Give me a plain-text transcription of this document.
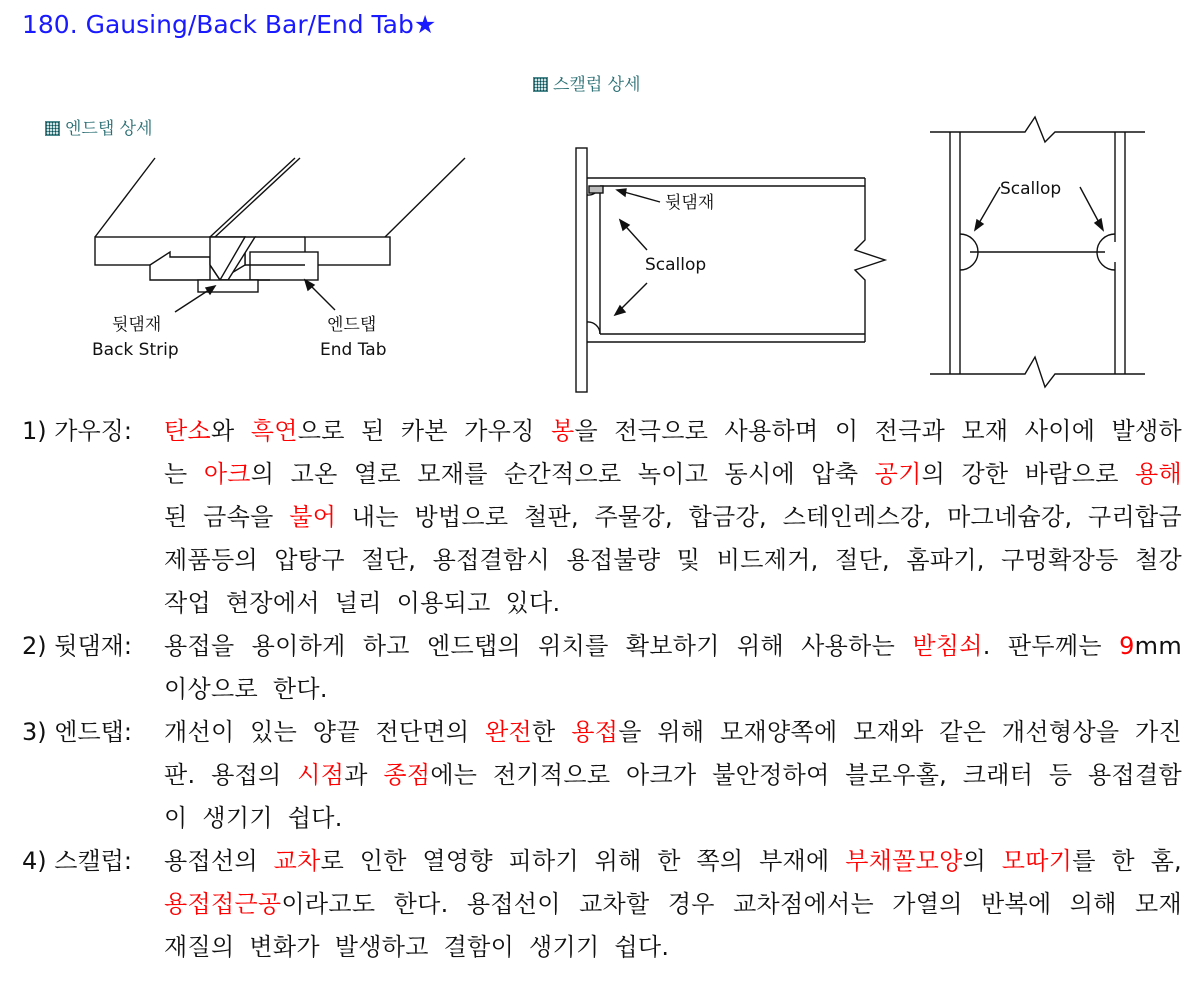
180. Gausing/Back Bar/End Tab★
엔드탭 상세
뒷댐재
Back Strip
엔드탭
End Tab
스캘럽 상세
뒷댐재
Scallop
Scallop
1) 가우징:	탄소와 흑연으로 된 카본 가우징 봉을 전극으로 사용하며 이 전극과 모재 사이에 발생하는 아크의 고온 열로 모재를 순간적으로 녹이고 동시에 압축 공기의 강한 바람으로 용해된 금속을 불어 내는 방법으로 철판, 주물강, 합금강, 스테인레스강, 마그네슘강, 구리합금 제품등의 압탕구 절단, 용접결함시 용접불량 및 비드제거, 절단, 홈파기, 구멍확장등 철강작업 현장에서 널리 이용되고 있다.
2) 뒷댐재:	용접을 용이하게 하고 엔드탭의 위치를 확보하기 위해 사용하는 받침쇠. 판두께는 9mm이상으로 한다.
3) 엔드탭:	개선이 있는 양끝 전단면의 완전한 용접을 위해 모재양쪽에 모재와 같은 개선형상을 가진 판. 용접의 시점과 종점에는 전기적으로 아크가 불안정하여 블로우홀, 크래터 등 용접결함이 생기기 쉽다.
4) 스캘럽:	용접선의 교차로 인한 열영향 피하기 위해 한 쪽의 부재에 부채꼴모양의 모따기를 한 홈, 용접접근공이라고도 한다. 용접선이 교차할 경우 교차점에서는 가열의 반복에 의해 모재 재질의 변화가 발생하고 결함이 생기기 쉽다.
